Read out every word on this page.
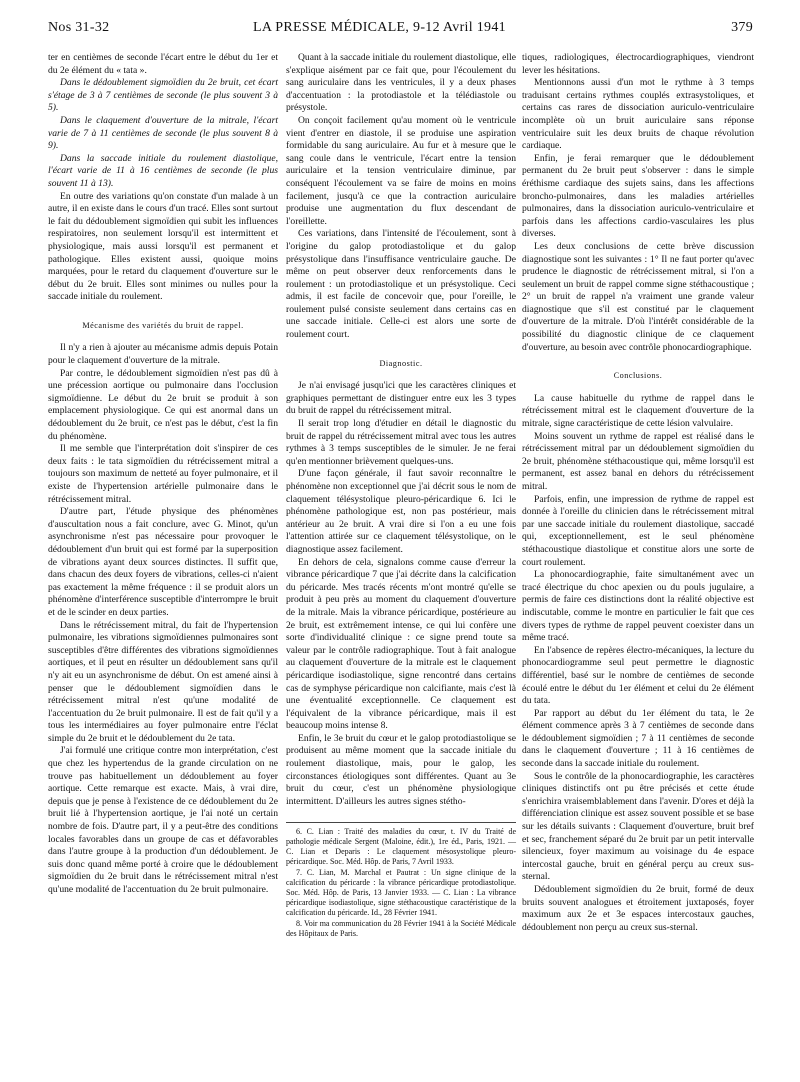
Nos 31-32	LA PRESSE MÉDICALE, 9-12 Avril 1941	379

ter en centièmes de seconde l'écart entre le début du 1er et du 2e élément du « tata ».

Dans le dédoublement sigmoïdien du 2e bruit, cet écart s'étage de 3 à 7 centièmes de seconde (le plus souvent 3 à 5).

Dans le claquement d'ouverture de la mitrale, l'écart varie de 7 à 11 centièmes de seconde (le plus souvent 8 à 9).

Dans la saccade initiale du roulement diastolique, l'écart varie de 11 à 16 centièmes de seconde (le plus souvent 11 à 13).

En outre des variations qu'on constate d'un malade à un autre, il en existe dans le cours d'un tracé. Elles sont surtout le fait du dédoublement sigmoïdien qui subit les influences respiratoires, non seulement lorsqu'il est intermittent et physiologique, mais aussi lorsqu'il est permanent et pathologique. Elles existent aussi, quoique moins marquées, pour le retard du claquement d'ouverture sur le début du 2e bruit. Elles sont minimes ou nulles pour la saccade initiale du roulement.

Mécanisme des variétés du bruit de rappel.

Il n'y a rien à ajouter au mécanisme admis depuis Potain pour le claquement d'ouverture de la mitrale.

Par contre, le dédoublement sigmoïdien n'est pas dû à une précession aortique ou pulmonaire dans l'occlusion sigmoïdienne. Le début du 2e bruit se produit à son emplacement physiologique. Ce qui est anormal dans un dédoublement du 2e bruit, ce n'est pas le début, c'est la fin du phénomène.

Il me semble que l'interprétation doit s'inspirer de ces deux faits : le tata sigmoïdien du rétrécissement mitral a toujours son maximum de netteté au foyer pulmonaire, et il existe de l'hypertension artérielle pulmonaire dans le rétrécissement mitral.

D'autre part, l'étude physique des phénomènes d'auscultation nous a fait conclure, avec G. Minot, qu'un asynchronisme n'est pas nécessaire pour provoquer le dédoublement d'un bruit qui est formé par la superposition de vibrations ayant deux sources distinctes. Il suffit que, dans chacun des deux foyers de vibrations, celles-ci n'aient pas exactement la même fréquence : il se produit alors un phénomène d'interférence susceptible d'interrompre le bruit et de le scinder en deux parties.

Dans le rétrécissement mitral, du fait de l'hypertension pulmonaire, les vibrations sigmoïdiennes pulmonaires sont susceptibles d'être différentes des vibrations sigmoïdiennes aortiques, et il peut en résulter un dédoublement sans qu'il n'y ait eu un asynchronisme de début. On est amené ainsi à penser que le dédoublement sigmoïdien dans le rétrécissement mitral n'est qu'une modalité de l'accentuation du 2e bruit pulmonaire. Il est de fait qu'il y a tous les intermédiaires au foyer pulmonaire entre l'éclat simple du 2e bruit et le dédoublement du 2e tata.

J'ai formulé une critique contre mon interprétation, c'est que chez les hypertendus de la grande circulation on ne trouve pas habituellement un dédoublement au foyer aortique. Cette remarque est exacte. Mais, à vrai dire, depuis que je pense à l'existence de ce dédoublement du 2e bruit lié à l'hypertension aortique, je l'ai noté un certain nombre de fois. D'autre part, il y a peut-être des conditions locales favorables dans un groupe de cas et défavorables dans l'autre groupe à la production d'un dédoublement. Je suis donc quand même porté à croire que le dédoublement sigmoïdien du 2e bruit dans le rétrécissement mitral n'est qu'une modalité de l'accentuation du 2e bruit pulmonaire.

Quant à la saccade initiale du roulement diastolique, elle s'explique aisément par ce fait que, pour l'écoulement du sang auriculaire dans les ventricules, il y a deux phases d'accentuation : la protodiastole et la télédiastole ou présystole.

On conçoit facilement qu'au moment où le ventricule vient d'entrer en diastole, il se produise une aspiration formidable du sang auriculaire. Au fur et à mesure que le sang coule dans le ventricule, l'écart entre la tension auriculaire et la tension ventriculaire diminue, par conséquent l'écoulement va se faire de moins en moins facilement, jusqu'à ce que la contraction auriculaire produise une augmentation du flux descendant de l'oreillette.

Ces variations, dans l'intensité de l'écoulement, sont à l'origine du galop protodiastolique et du galop présystolique dans l'insuffisance ventriculaire gauche. De même on peut observer deux renforcements dans le roulement : un protodiastolique et un présystolique. Ceci admis, il est facile de concevoir que, pour l'oreille, le roulement pulsé consiste seulement dans certains cas en une saccade initiale. Celle-ci est alors une sorte de roulement court.

Diagnostic.

Je n'ai envisagé jusqu'ici que les caractères cliniques et graphiques permettant de distinguer entre eux les 3 types du bruit de rappel du rétrécissement mitral.

Il serait trop long d'étudier en détail le diagnostic du bruit de rappel du rétrécissement mitral avec tous les autres rythmes à 3 temps susceptibles de le simuler. Je ne ferai qu'en mentionner brièvement quelques-uns.

D'une façon générale, il faut savoir reconnaître le phénomène non exceptionnel que j'ai décrit sous le nom de claquement télésystolique pleuro-péricardique 6. Ici le phénomène pathologique est, non pas postérieur, mais antérieur au 2e bruit. A vrai dire si l'on a eu une fois l'attention attirée sur ce claquement télésystolique, on le diagnostique assez facilement.

En dehors de cela, signalons comme cause d'erreur la vibrance péricardique 7 que j'ai décrite dans la calcification du péricarde. Mes tracés récents m'ont montré qu'elle se produit à peu près au moment du claquement d'ouverture de la mitrale. Mais la vibrance péricardique, postérieure au 2e bruit, est extrêmement intense, ce qui lui confère une sorte d'individualité clinique : ce signe prend toute sa valeur par le contrôle radiographique. Tout à fait analogue au claquement d'ouverture de la mitrale est le claquement péricardique isodiastolique, signe rencontré dans certains cas de symphyse péricardique non calcifiante, mais c'est là une éventualité exceptionnelle. Ce claquement est l'équivalent de la vibrance péricardique, mais il est beaucoup moins intense 8.

Enfin, le 3e bruit du cœur et le galop protodiastolique se produisent au même moment que la saccade initiale du roulement diastolique, mais, pour le galop, les circonstances étiologiques sont différentes. Quant au 3e bruit du cœur, c'est un phénomène physiologique intermittent. D'ailleurs les autres signes stétho-

6. C. Lian : Traité des maladies du cœur, t. IV du Traité de pathologie médicale Sergent (Maloine, édit.), 1re éd., Paris, 1921. — C. Lian et Deparis : Le claquement mésosystolique pleuro-péricardique. Soc. Méd. Hôp. de Paris, 7 Avril 1933.

7. C. Lian, M. Marchal et Pautrat : Un signe clinique de la calcification du péricarde : la vibrance péricardique protodiastolique. Soc. Méd. Hôp. de Paris, 13 Janvier 1933. — C. Lian : La vibrance péricardique isodiastolique, signe stéthacoustique caractéristique de la calcification du péricarde. Id., 28 Février 1941.

8. Voir ma communication du 28 Février 1941 à la Société Médicale des Hôpitaux de Paris.

tiques, radiologiques, électrocardiographiques, viendront lever les hésitations.

Mentionnons aussi d'un mot le rythme à 3 temps traduisant certains rythmes couplés extrasystoliques, et certains cas rares de dissociation auriculo-ventriculaire incomplète où un bruit auriculaire sans réponse ventriculaire suit les deux bruits de chaque révolution cardiaque.

Enfin, je ferai remarquer que le dédoublement permanent du 2e bruit peut s'observer : dans le simple éréthisme cardiaque des sujets sains, dans les affections broncho-pulmonaires, dans les maladies artérielles pulmonaires, dans la dissociation auriculo-ventriculaire et parfois dans les affections cardio-vasculaires les plus diverses.

Les deux conclusions de cette brève discussion diagnostique sont les suivantes : 1° Il ne faut porter qu'avec prudence le diagnostic de rétrécissement mitral, si l'on a seulement un bruit de rappel comme signe stéthacoustique ; 2° un bruit de rappel n'a vraiment une grande valeur diagnostique que s'il est constitué par le claquement d'ouverture de la mitrale. D'où l'intérêt considérable de la possibilité du diagnostic clinique de ce claquement d'ouverture, au besoin avec contrôle phonocardiographique.

Conclusions.

La cause habituelle du rythme de rappel dans le rétrécissement mitral est le claquement d'ouverture de la mitrale, signe caractéristique de cette lésion valvulaire.

Moins souvent un rythme de rappel est réalisé dans le rétrécissement mitral par un dédoublement sigmoïdien du 2e bruit, phénomène stéthacoustique qui, même lorsqu'il est permanent, est assez banal en dehors du rétrécissement mitral.

Parfois, enfin, une impression de rythme de rappel est donnée à l'oreille du clinicien dans le rétrécissement mitral par une saccade initiale du roulement diastolique, saccadé qui, exceptionnellement, est le seul phénomène stéthacoustique diastolique et constitue alors une sorte de court roulement.

La phonocardiographie, faite simultanément avec un tracé électrique du choc apexien ou du pouls jugulaire, a permis de faire ces distinctions dont la réalité objective est indiscutable, comme le montre en particulier le fait que ces divers types de rythme de rappel peuvent coexister dans un même tracé.

En l'absence de repères électro-mécaniques, la lecture du phonocardiogramme seul peut permettre le diagnostic différentiel, basé sur le nombre de centièmes de seconde écoulé entre le début du 1er élément et celui du 2e élément du tata.

Par rapport au début du 1er élément du tata, le 2e élément commence après 3 à 7 centièmes de seconde dans le dédoublement sigmoïdien ; 7 à 11 centièmes de seconde dans le claquement d'ouverture ; 11 à 16 centièmes de seconde dans la saccade initiale du roulement.

Sous le contrôle de la phonocardiographie, les caractères cliniques distinctifs ont pu être précisés et cette étude s'enrichira vraisemblablement dans l'avenir. D'ores et déjà la différenciation clinique est assez souvent possible et se base sur les détails suivants : Claquement d'ouverture, bruit bref et sec, franchement séparé du 2e bruit par un petit intervalle silencieux, foyer maximum au voisinage du 4e espace intercostal gauche, bruit en général perçu au creux sus-sternal.

Dédoublement sigmoïdien du 2e bruit, formé de deux bruits souvent analogues et étroitement juxtaposés, foyer maximum aux 2e et 3e espaces intercostaux gauches, dédoublement non perçu au creux sus-sternal.
